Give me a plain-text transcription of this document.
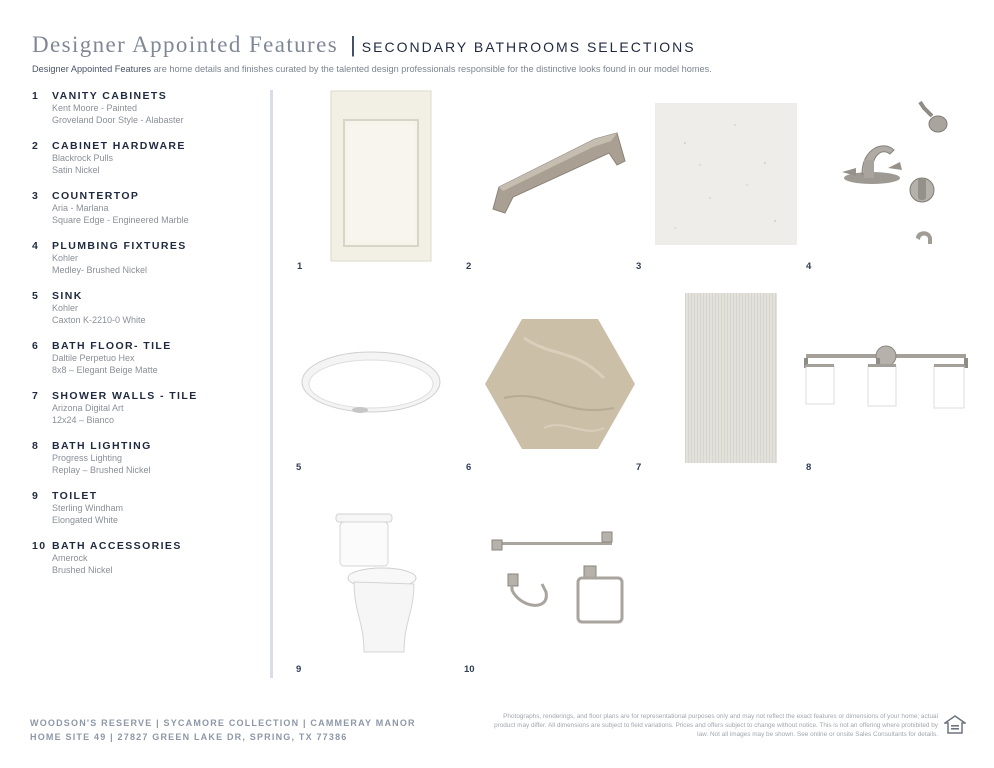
Designer Appointed Features | SECONDARY BATHROOMS SELECTIONS
Designer Appointed Features are home details and finishes curated by the talented design professionals responsible for the distinctive looks found in our model homes.
1	VANITY CABINETS
Kent Moore - Painted
Groveland Door Style - Alabaster
2	CABINET HARDWARE
Blackrock Pulls
Satin Nickel
3	COUNTERTOP
Aria - Marlana
Square Edge - Engineered Marble
4	PLUMBING FIXTURES
Kohler
Medley- Brushed Nickel
5	SINK
Kohler
Caxton K-2210-0 White
6	BATH FLOOR- TILE
Daltile Perpetuo Hex
8x8 – Elegant Beige Matte
7	SHOWER WALLS - TILE
Arizona Digital Art
12x24 – Bianco
8	BATH LIGHTING
Progress Lighting
Replay – Brushed Nickel
9	TOILET
Sterling Windham
Elongated White
10 BATH ACCESSORIES
Amerock
Brushed Nickel
1	2	3	4
5	6	7	8
9	10
WOODSON'S RESERVE | SYCAMORE COLLECTION | CAMMERAY MANOR
HOME SITE 49 | 27827 GREEN LAKE DR, SPRING, TX 77386
Photographs, renderings, and floor plans are for representational purposes only and may not reflect the exact features or dimensions of your home; actual product may differ. All dimensions are subject to field variations. Prices and offers subject to change without notice. This is not an offering where prohibited by law. Not all images may be shown. See online or onsite Sales Consultants for details.
